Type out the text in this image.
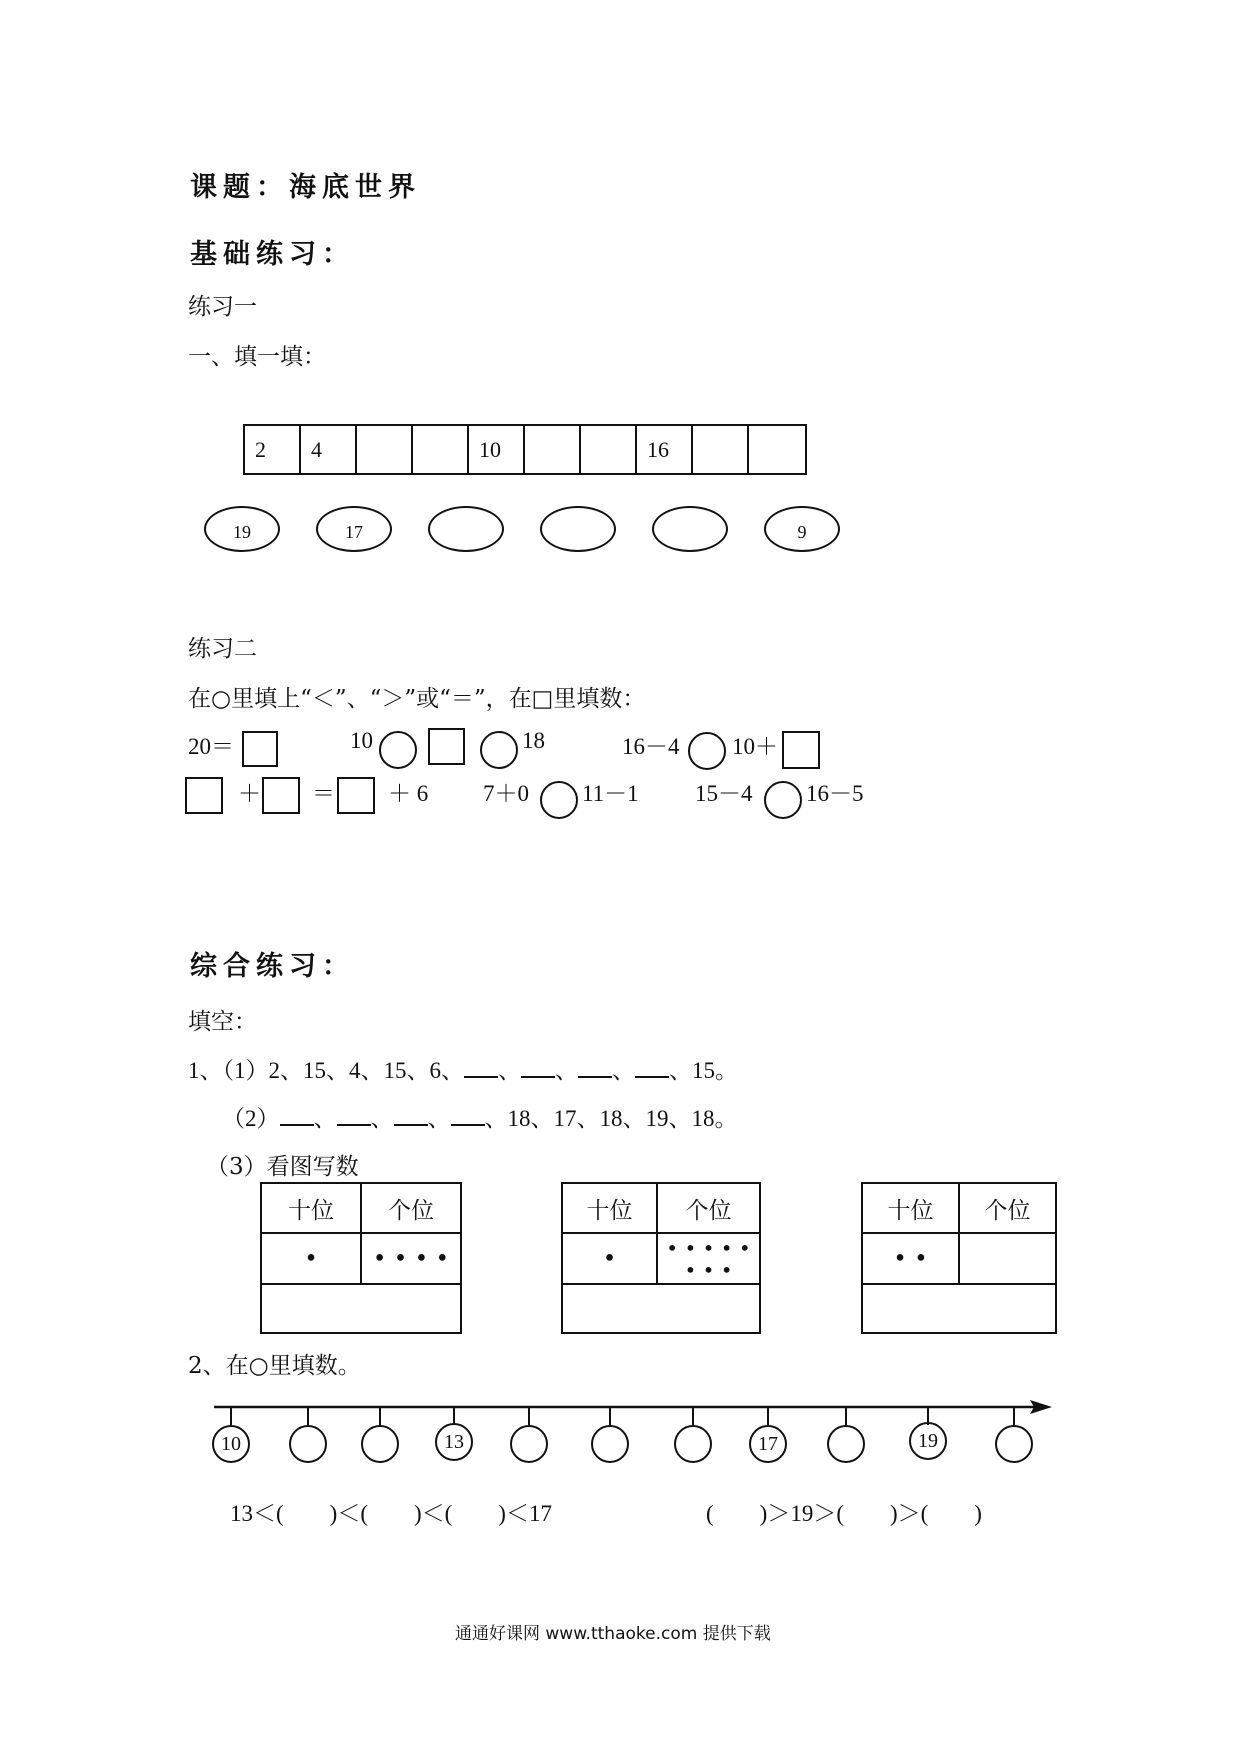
课题：海底世界
基础练习：
练习一
一、填一填：
2	4	10	16
19	17	9
练习二
在○里填上“＜”、“＞”或“＝”，在□里填数：
20＝	10	18	16－4 10＋
＋ ＝ ＋ 6 7＋0 11－1 15－4 16－5
综合练习：
填空：
1、（1）2、15、4、15、6、 、 、 、 、15。
（2） 、 、 、 、18、17、18、19、18。
（3）看图写数
十位	个位
•	• • • •

十位	个位
•	• • • • •
• • •

十位	个位
• •	

2、在○里填数。
10	13	17	19
13＜(　　)＜(　　)＜(　　)＜17	(　　)＞19＞(　　)＞(　　)
通通好课网 www.tthaoke.com 提供下载
